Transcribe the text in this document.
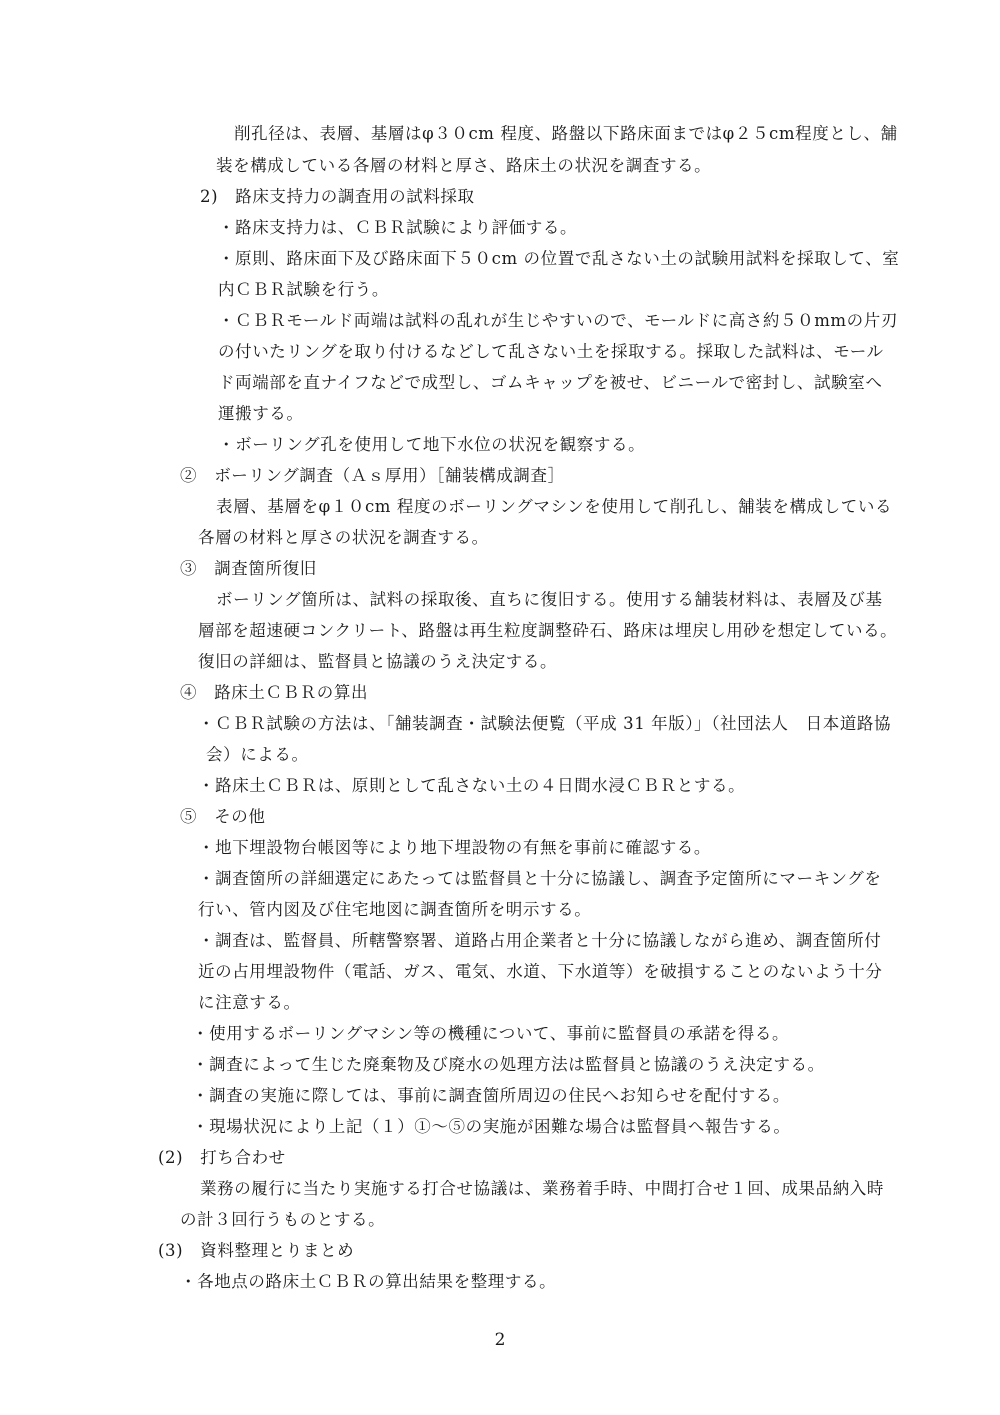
削孔径は、表層、基層はφ３０cm 程度、路盤以下路床面まではφ２５cm程度とし、舗
装を構成している各層の材料と厚さ、路床土の状況を調査する。
2)　路床支持力の調査用の試料採取
・路床支持力は、ＣＢＲ試験により評価する。
・原則、路床面下及び路床面下５０cm の位置で乱さない土の試験用試料を採取して、室
内ＣＢＲ試験を行う。
・ＣＢＲモールド両端は試料の乱れが生じやすいので、モールドに高さ約５０mmの片刃
の付いたリングを取り付けるなどして乱さない土を採取する。採取した試料は、モール
ド両端部を直ナイフなどで成型し、ゴムキャップを被せ、ビニールで密封し、試験室へ
運搬する。
・ボーリング孔を使用して地下水位の状況を観察する。
②　ボーリング調査（Ａｓ厚用）［舗装構成調査］
表層、基層をφ１０cm 程度のボーリングマシンを使用して削孔し、舗装を構成している
各層の材料と厚さの状況を調査する。
③　調査箇所復旧
ボーリング箇所は、試料の採取後、直ちに復旧する。使用する舗装材料は、表層及び基
層部を超速硬コンクリート、路盤は再生粒度調整砕石、路床は埋戻し用砂を想定している。
復旧の詳細は、監督員と協議のうえ決定する。
④　路床土ＣＢＲの算出
・ＣＢＲ試験の方法は、「舗装調査・試験法便覧（平成 31 年版）」（社団法人　日本道路協
会）による。
・路床土ＣＢＲは、原則として乱さない土の４日間水浸ＣＢＲとする。
⑤　その他
・地下埋設物台帳図等により地下埋設物の有無を事前に確認する。
・調査箇所の詳細選定にあたっては監督員と十分に協議し、調査予定箇所にマーキングを
行い、管内図及び住宅地図に調査箇所を明示する。
・調査は、監督員、所轄警察署、道路占用企業者と十分に協議しながら進め、調査箇所付
近の占用埋設物件（電話、ガス、電気、水道、下水道等）を破損することのないよう十分
に注意する。
・使用するボーリングマシン等の機種について、事前に監督員の承諾を得る。
・調査によって生じた廃棄物及び廃水の処理方法は監督員と協議のうえ決定する。
・調査の実施に際しては、事前に調査箇所周辺の住民へお知らせを配付する。
・現場状況により上記（１）①～⑤の実施が困難な場合は監督員へ報告する。
(2)　打ち合わせ
業務の履行に当たり実施する打合せ協議は、業務着手時、中間打合せ１回、成果品納入時
の計３回行うものとする。
(3)　資料整理とりまとめ
・各地点の路床土ＣＢＲの算出結果を整理する。
2
